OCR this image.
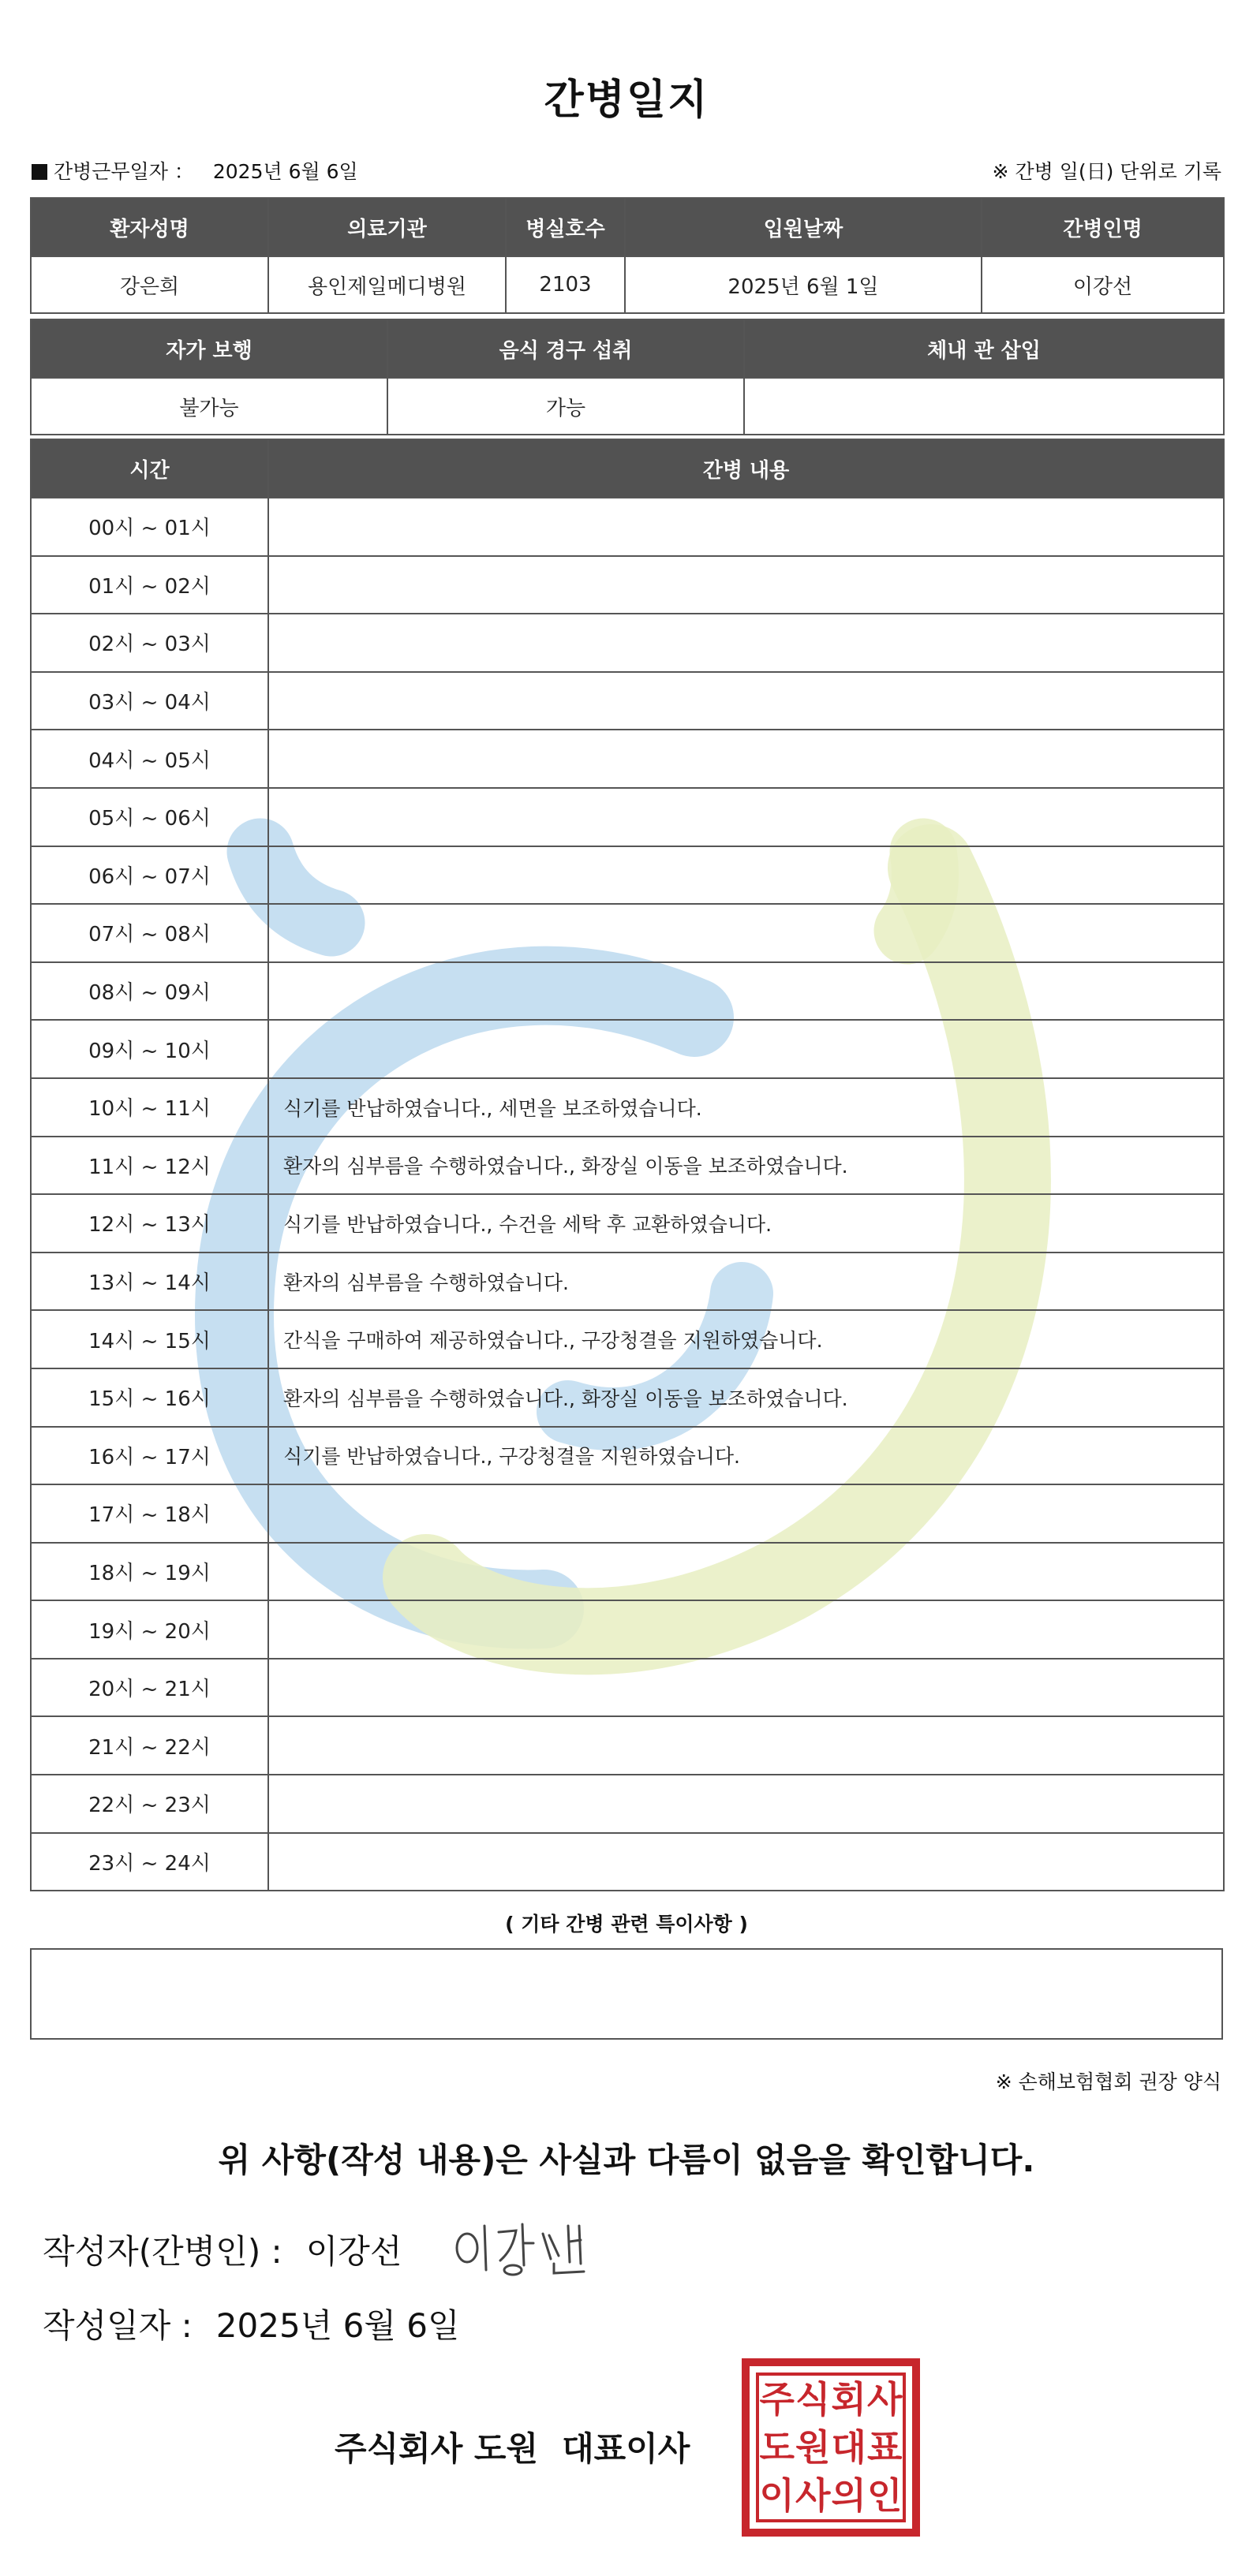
간병일지
간병근무일자 ： 2025년 6월 6일	※ 간병 일(日) 단위로 기록
환자성명	의료기관	병실호수	입원날짜	간병인명
강은희	용인제일메디병원	2103	2025년 6월 1일	이강선
자가 보행	음식 경구 섭취	체내 관 삽입
불가능	가능	
시간	간병 내용
00시 ~ 01시	
01시 ~ 02시	
02시 ~ 03시	
03시 ~ 04시	
04시 ~ 05시	
05시 ~ 06시	
06시 ~ 07시	
07시 ~ 08시	
08시 ~ 09시	
09시 ~ 10시	
10시 ~ 11시	식기를 반납하였습니다., 세면을 보조하였습니다.
11시 ~ 12시	환자의 심부름을 수행하였습니다., 화장실 이동을 보조하였습니다.
12시 ~ 13시	식기를 반납하였습니다., 수건을 세탁 후 교환하였습니다.
13시 ~ 14시	환자의 심부름을 수행하였습니다.
14시 ~ 15시	간식을 구매하여 제공하였습니다., 구강청결을 지원하였습니다.
15시 ~ 16시	환자의 심부름을 수행하였습니다., 화장실 이동을 보조하였습니다.
16시 ~ 17시	식기를 반납하였습니다., 구강청결을 지원하였습니다.
17시 ~ 18시	
18시 ~ 19시	
19시 ~ 20시	
20시 ~ 21시	
21시 ~ 22시	
22시 ~ 23시	
23시 ~ 24시	
( 기타 간병 관련 특이사항 )
※ 손해보험협회 권장 양식
위 사항(작성 내용)은 사실과 다름이 없음을 확인합니다.
작성자(간병인) : 이강선
작성일자 : 2025년 6월 6일
주식회사 도원 대표이사
주 식 회 사
도 원 대 표
이 사 의 인
